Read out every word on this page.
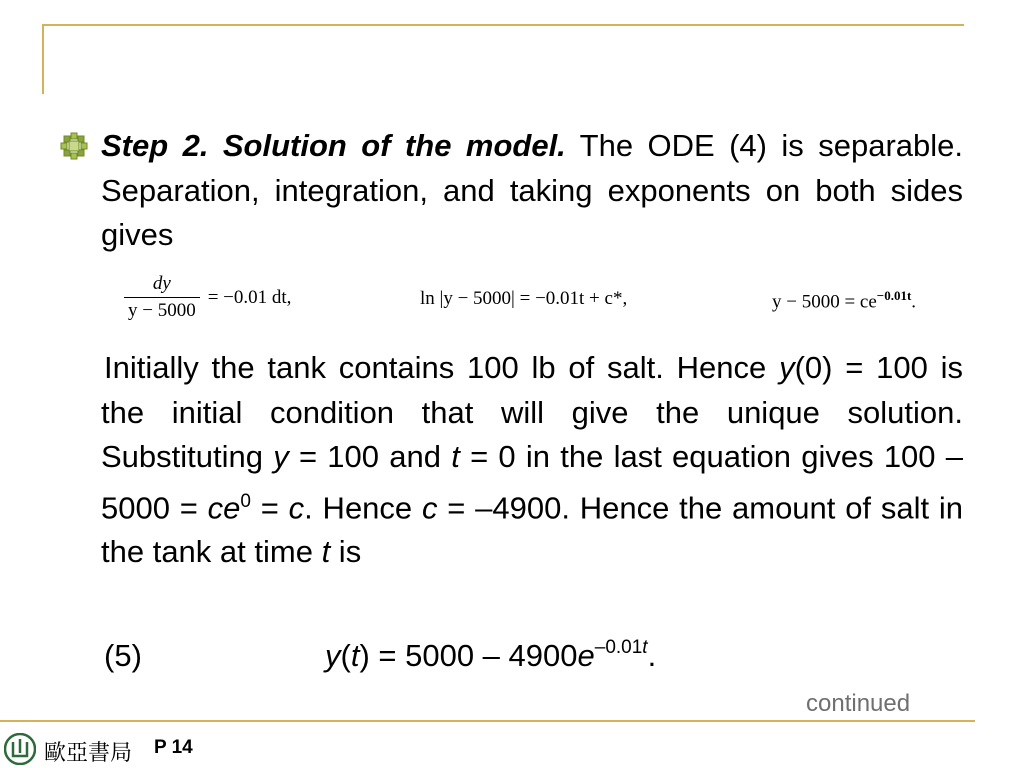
Step 2. Solution of the model. The ODE (4) is separable. Separation, integration, and taking exponents on both sides gives
$\frac{dy}{y - 5000} = -0.01$ dt,	ln |y − 5000| = −0.01t + c*,	$y - 5000 = ce^{-0.01t}$.
Initially the tank contains 100 lb of salt. Hence y(0) = 100 is the initial condition that will give the unique solution. Substituting y = 100 and t = 0 in the last equation gives $100 - 5000 = ce^0 = c$. Hence c = –4900. Hence the amount of salt in the tank at time t is
(5)	$y(t) = 5000 - 4900e^{-0.01t}$.
continued
歐亞書局 P 14
